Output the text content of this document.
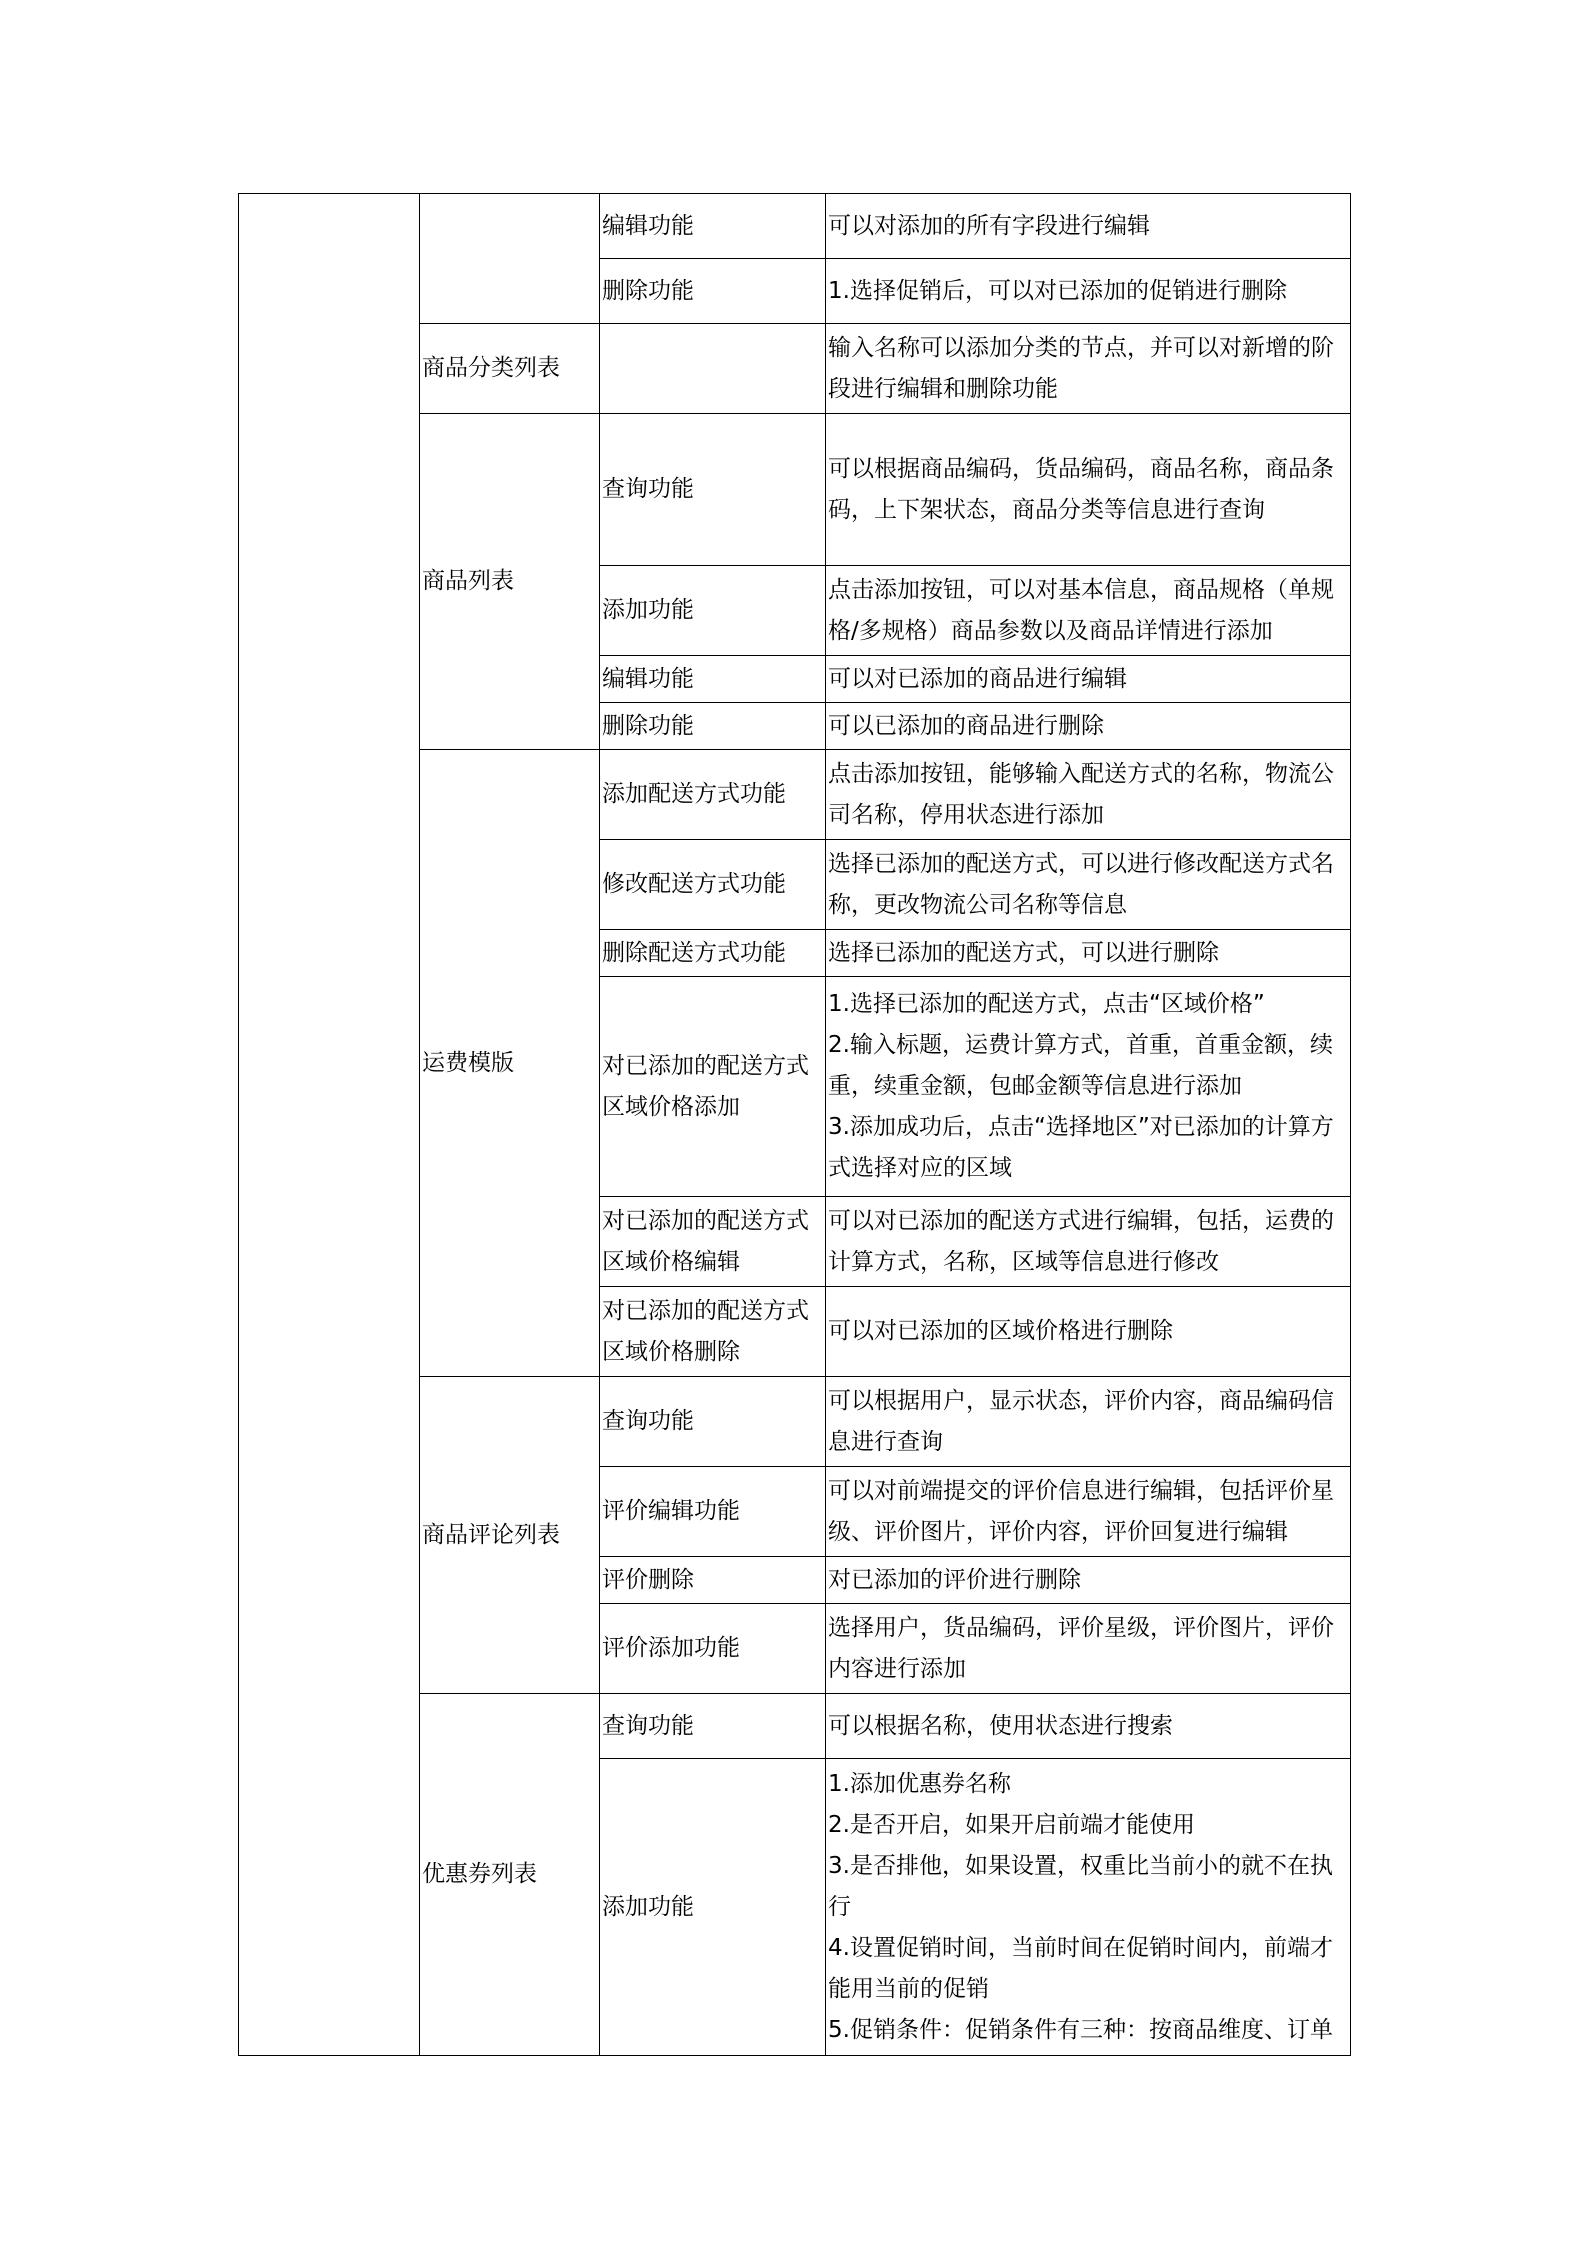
		编辑功能	可以对添加的所有字段进行编辑

		删除功能	1.选择促销后，可以对已添加的促销进行删除

	商品分类列表		输入名称可以添加分类的节点，并可以对新增的阶段进行编辑和删除功能

	商品列表	查询功能	可以根据商品编码，货品编码，商品名称，商品条码，上下架状态，商品分类等信息进行查询

		添加功能	点击添加按钮，可以对基本信息，商品规格（单规格/多规格）商品参数以及商品详情进行添加

		编辑功能	可以对已添加的商品进行编辑

		删除功能	可以已添加的商品进行删除

	运费模版	添加配送方式功能	点击添加按钮，能够输入配送方式的名称，物流公司名称，停用状态进行添加

		修改配送方式功能	选择已添加的配送方式，可以进行修改配送方式名称，更改物流公司名称等信息

		删除配送方式功能	选择已添加的配送方式，可以进行删除

		对已添加的配送方式区域价格添加	1.选择已添加的配送方式，点击“区域价格”
2.输入标题，运费计算方式，首重，首重金额，续重，续重金额，包邮金额等信息进行添加
3.添加成功后，点击“选择地区”对已添加的计算方式选择对应的区域

		对已添加的配送方式区域价格编辑	可以对已添加的配送方式进行编辑，包括，运费的计算方式，名称，区域等信息进行修改

		对已添加的配送方式区域价格删除	可以对已添加的区域价格进行删除

	商品评论列表	查询功能	可以根据用户，显示状态，评价内容，商品编码信息进行查询

		评价编辑功能	可以对前端提交的评价信息进行编辑，包括评价星级、评价图片，评价内容，评价回复进行编辑

		评价删除	对已添加的评价进行删除

		评价添加功能	选择用户，货品编码，评价星级，评价图片，评价内容进行添加

	优惠券列表	查询功能	可以根据名称，使用状态进行搜索

		添加功能	1.添加优惠券名称
2.是否开启，如果开启前端才能使用
3.是否排他，如果设置，权重比当前小的就不在执行
4.设置促销时间，当前时间在促销时间内，前端才能用当前的促销
5.促销条件：促销条件有三种：按商品维度、订单
